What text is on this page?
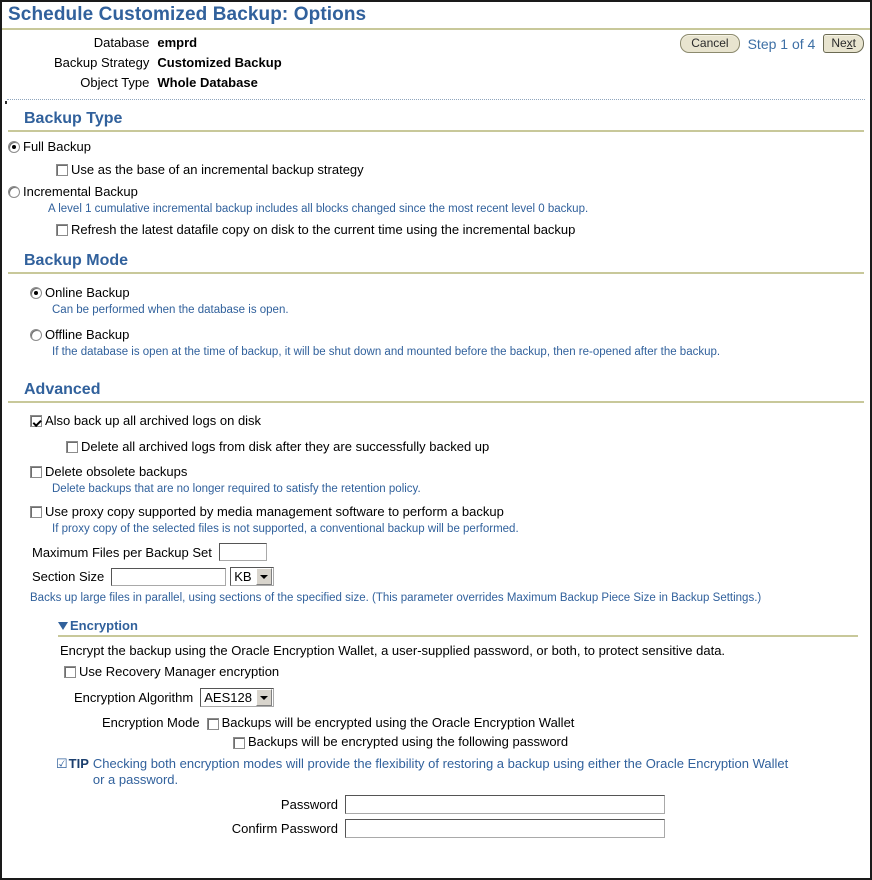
Schedule Customized Backup: Options
Database	emprd
Backup Strategy	Customized Backup
Object Type	Whole Database
Cancel	Step 1 of 4	Next
Backup Type
Full Backup
Use as the base of an incremental backup strategy
Incremental Backup
A level 1 cumulative incremental backup includes all blocks changed since the most recent level 0 backup.
Refresh the latest datafile copy on disk to the current time using the incremental backup
Backup Mode
Online Backup
Can be performed when the database is open.
Offline Backup
If the database is open at the time of backup, it will be shut down and mounted before the backup, then re-opened after the backup.
Advanced
Also back up all archived logs on disk
Delete all archived logs from disk after they are successfully backed up
Delete obsolete backups
Delete backups that are no longer required to satisfy the retention policy.
Use proxy copy supported by media management software to perform a backup
If proxy copy of the selected files is not supported, a conventional backup will be performed.
Maximum Files per Backup Set
Section Size	KB
Backs up large files in parallel, using sections of the specified size. (This parameter overrides Maximum Backup Piece Size in Backup Settings.)
Encryption
Encrypt the backup using the Oracle Encryption Wallet, a user-supplied password, or both, to protect sensitive data.
Use Recovery Manager encryption
Encryption Algorithm AES128
Encryption Mode	Backups will be encrypted using the Oracle Encryption Wallet
Backups will be encrypted using the following password
☑ TIP Checking both encryption modes will provide the flexibility of restoring a backup using either the Oracle Encryption Wallet or a password.
Password
Confirm Password
